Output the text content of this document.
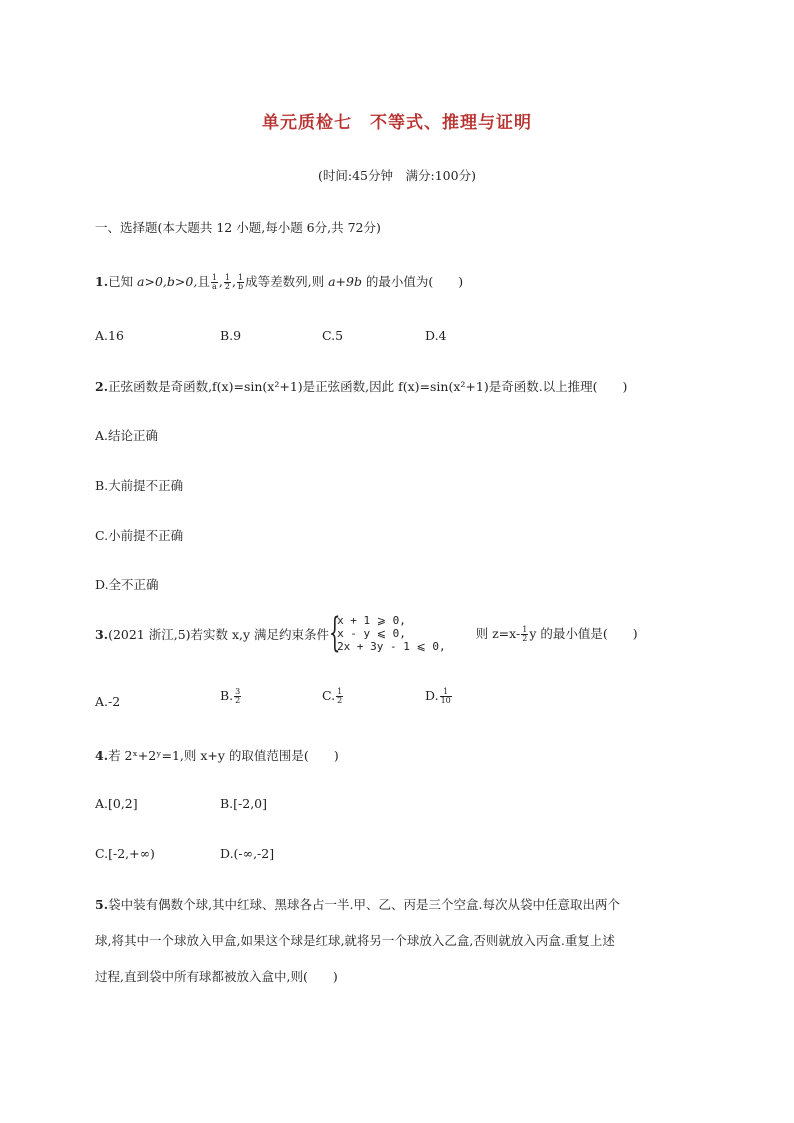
单元质检七 不等式、推理与证明
(时间:45分钟　满分:100分)
一、选择题(本大题共 12 小题,每小题 6分,共 72分)
1.已知 a>0,b>0,且 $\frac{1}{a}$ , $\frac{1}{2}$ , $\frac{1}{b}$ 成等差数列,则 a+9b 的最小值为(　　)
A.16	B.9	C.5	D.4
2.正弦函数是奇函数,f(x)=sin(x²+1)是正弦函数,因此 f(x)=sin(x²+1)是奇函数.以上推理(　　)
A.结论正确
B.大前提不正确
C.小前提不正确
D.全不正确
3.(2021 浙江,5)若实数 x,y 满足约束条件 {
x + 1 ⩾ 0,
x - y ⩽ 0,
2x + 3y - 1 ⩽ 0,
则 $z=x- \frac{1}{2}$ y 的最小值是(　　)
A.-2	B. $\frac{3}{2}$	C. $\frac{1}{2}$	D. $\frac{1}{10}$
4.若 2ˣ+2ʸ=1,则 x+y 的取值范围是(　　)
A.[0,2]	B.[-2,0]
C.[-2,+∞)	D.(-∞,-2]
5.袋中装有偶数个球,其中红球、黑球各占一半.甲、乙、丙是三个空盒.每次从袋中任意取出两个
球,将其中一个球放入甲盒,如果这个球是红球,就将另一个球放入乙盒,否则就放入丙盒.重复上述
过程,直到袋中所有球都被放入盒中,则(　　)
